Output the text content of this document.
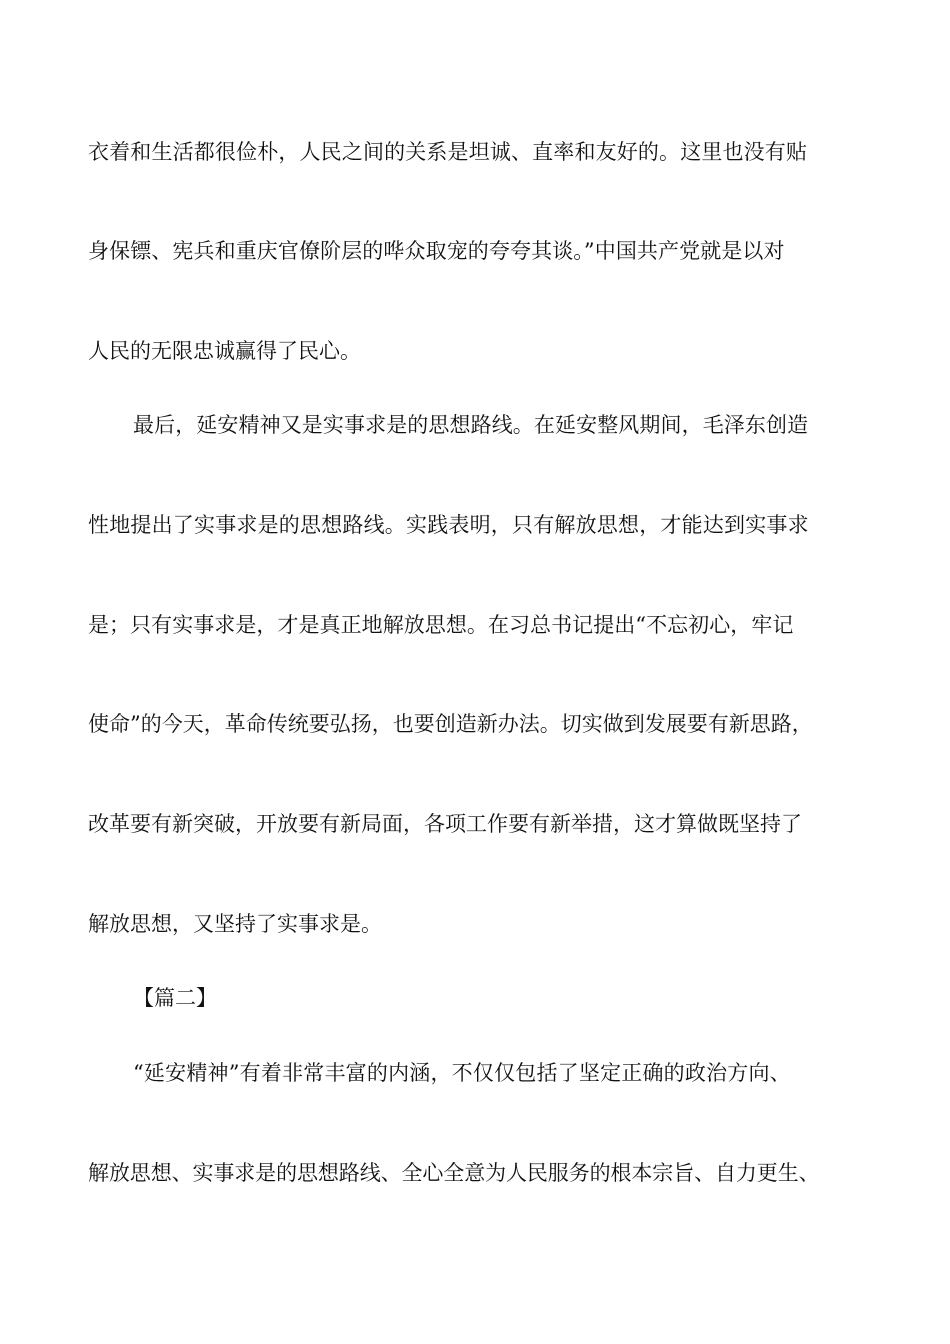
衣着和生活都很俭朴，人民之间的关系是坦诚、直率和友好的。这里也没有贴

身保镖、宪兵和重庆官僚阶层的哗众取宠的夸夸其谈。”中国共产党就是以对

人民的无限忠诚赢得了民心。

最后，延安精神又是实事求是的思想路线。在延安整风期间，毛泽东创造

性地提出了实事求是的思想路线。实践表明，只有解放思想，才能达到实事求

是；只有实事求是，才是真正地解放思想。在习总书记提出“不忘初心，牢记

使命”的今天，革命传统要弘扬，也要创造新办法。切实做到发展要有新思路，

改革要有新突破，开放要有新局面，各项工作要有新举措，这才算做既坚持了

解放思想，又坚持了实事求是。

【篇二】

“延安精神”有着非常丰富的内涵，不仅仅包括了坚定正确的政治方向、

解放思想、实事求是的思想路线、全心全意为人民服务的根本宗旨、自力更生、
